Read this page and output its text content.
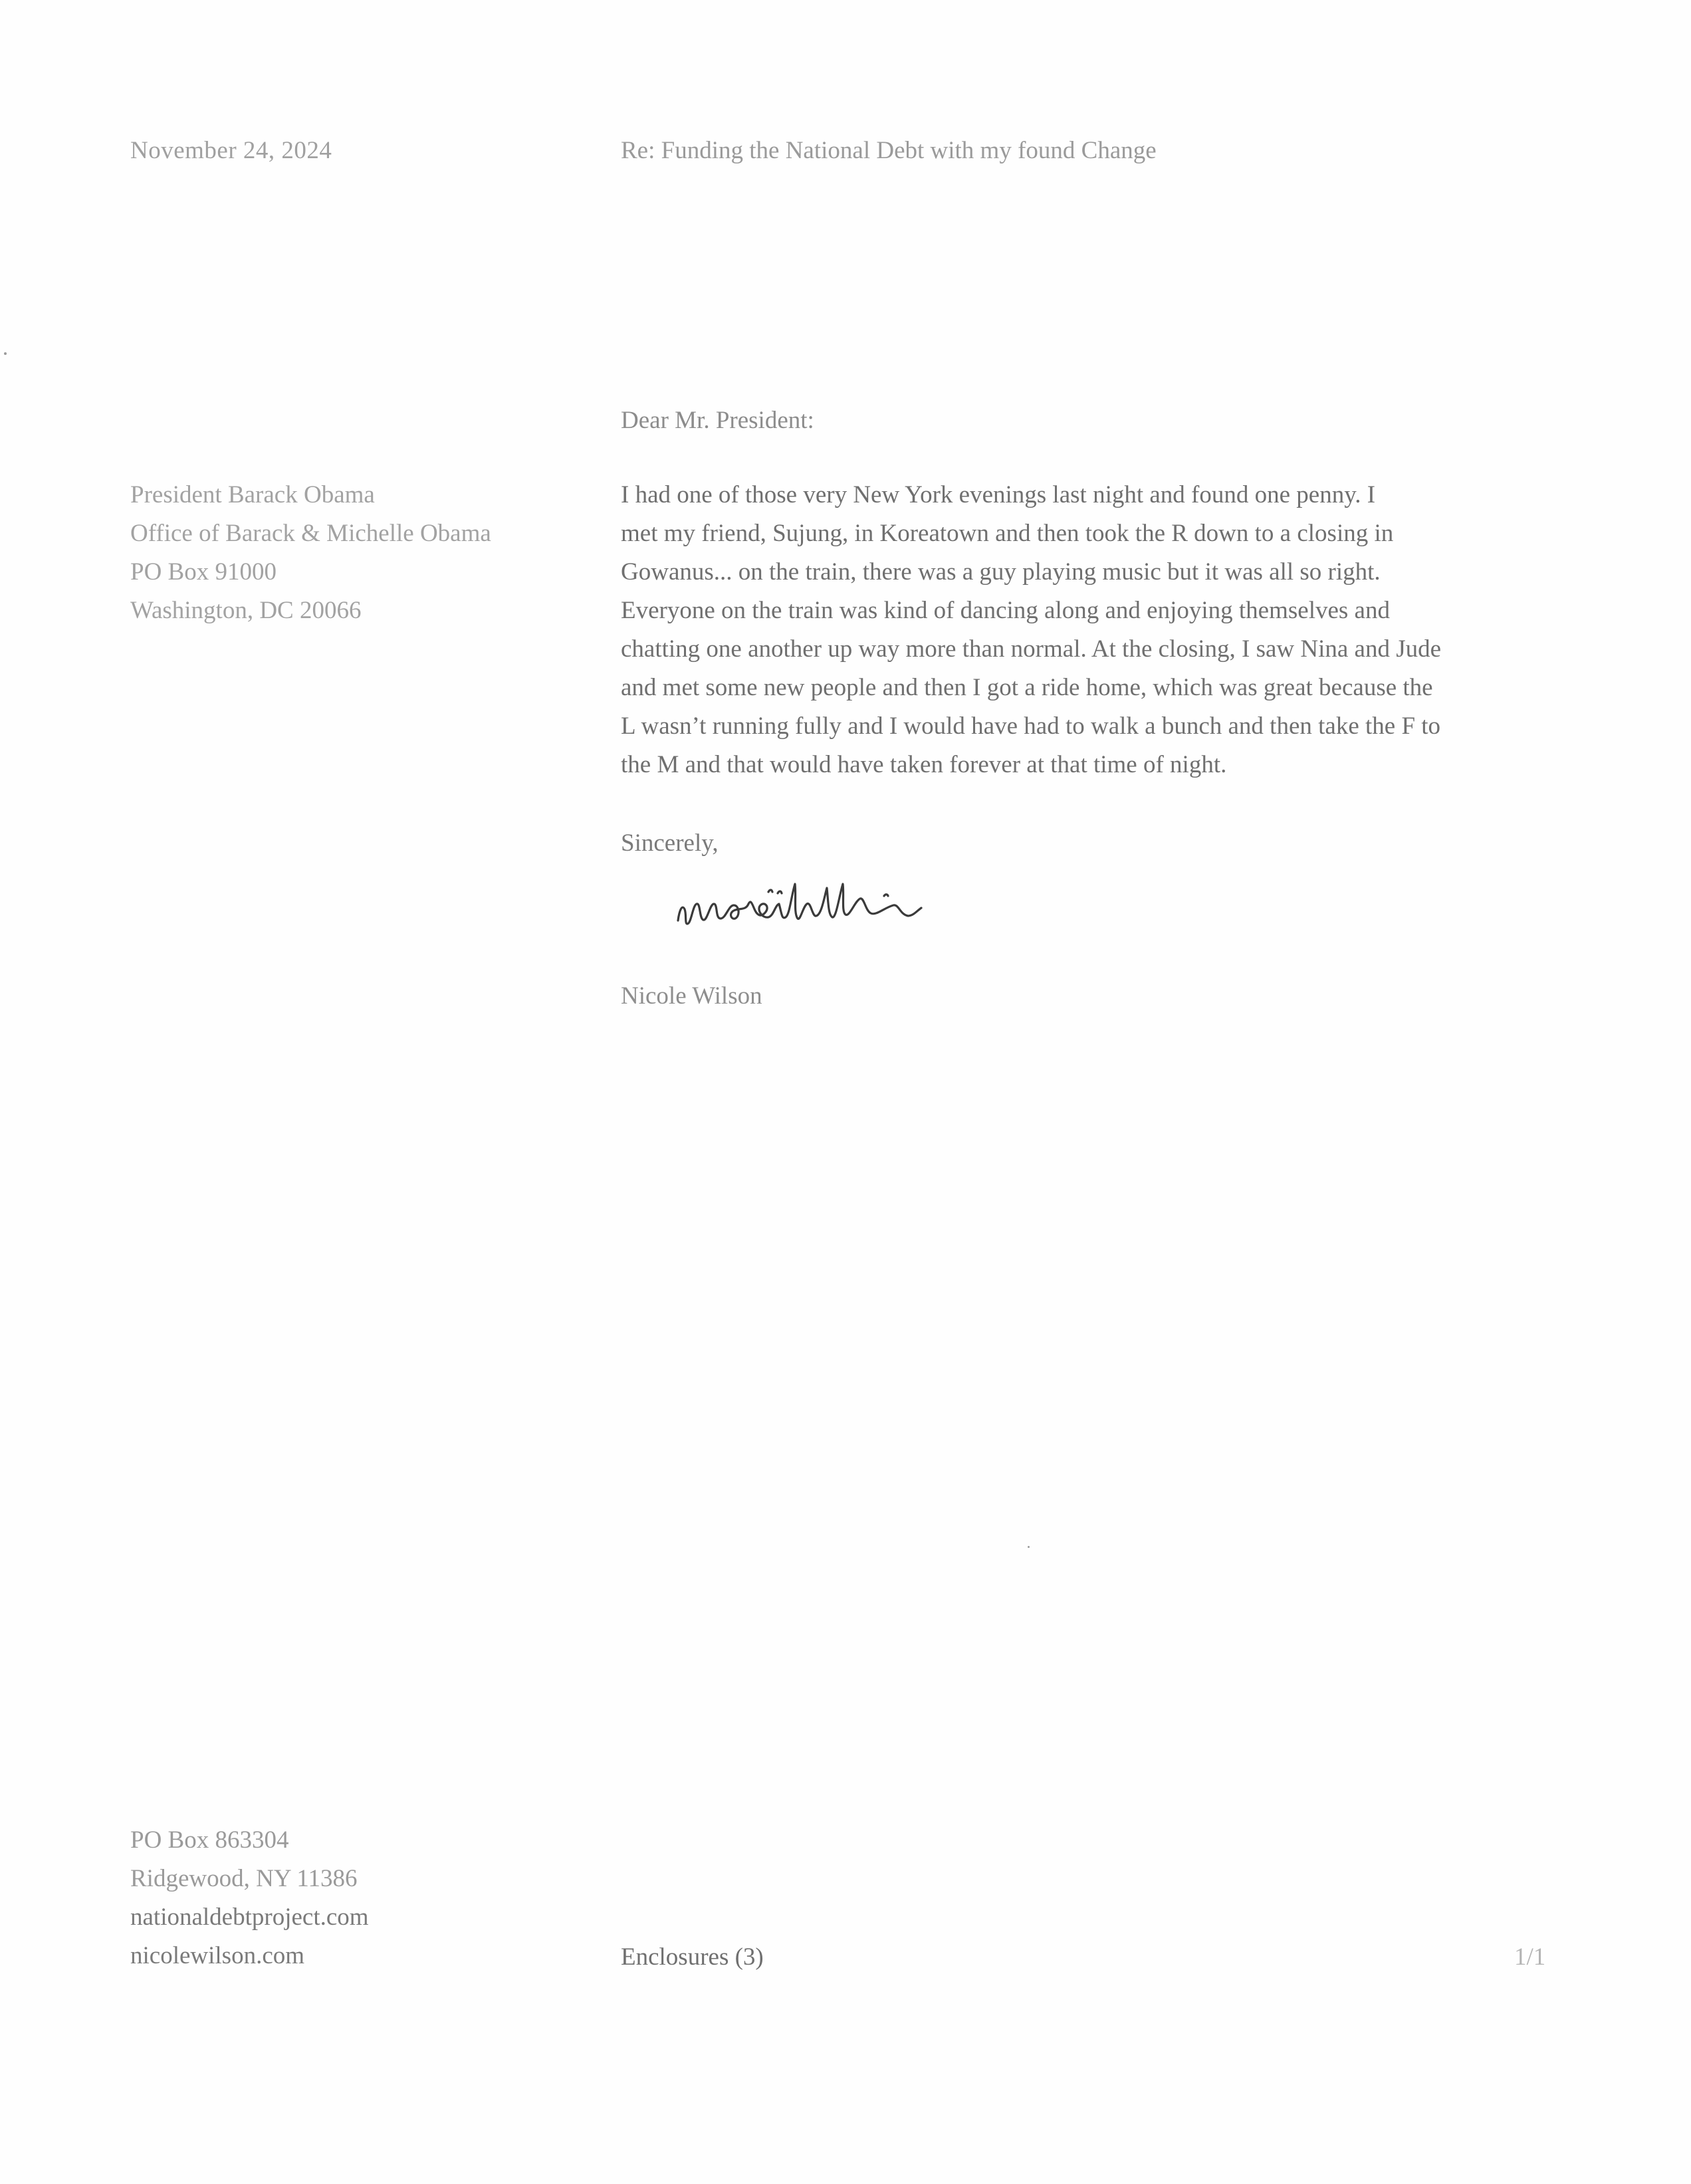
November 24, 2024	Re: Funding the National Debt with my found Change
President Barack Obama
Office of Barack & Michelle Obama
PO Box 91000
Washington, DC 20066
Dear Mr. President:
I had one of those very New York evenings last night and found one penny. I
met my friend, Sujung, in Koreatown and then took the R down to a closing in
Gowanus... on the train, there was a guy playing music but it was all so right.
Everyone on the train was kind of dancing along and enjoying themselves and
chatting one another up way more than normal. At the closing, I saw Nina and Jude
and met some new people and then I got a ride home, which was great because the
L wasn’t running fully and I would have had to walk a bunch and then take the F to
the M and that would have taken forever at that time of night.
Sincerely,
Nicole Wilson
PO Box 863304
Ridgewood, NY 11386
nationaldebtproject.com
nicolewilson.com	Enclosures (3)	1/1
